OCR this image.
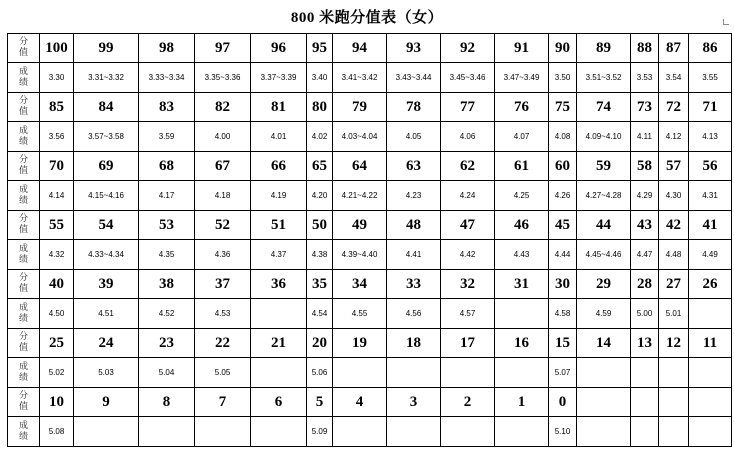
800 米跑分值表（女）
分
值	100	99	98	97	96	95	94	93	92	91	90	89	88	87	86

成
绩	3.30	3.31~3.32	3.33~3.34	3.35~3.36	3.37~3.39	3.40	3.41~3.42	3.43~3.44	3.45~3.46	3.47~3.49	3.50	3.51~3.52	3.53	3.54	3.55

分
值	85	84	83	82	81	80	79	78	77	76	75	74	73	72	71

成
绩	3.56	3.57~3.58	3.59	4.00	4.01	4.02	4.03~4.04	4.05	4.06	4.07	4.08	4.09~4.10	4.11	4.12	4.13

分
值	70	69	68	67	66	65	64	63	62	61	60	59	58	57	56

成
绩	4.14	4.15~4.16	4.17	4.18	4.19	4.20	4.21~4.22	4.23	4.24	4.25	4.26	4.27~4.28	4.29	4.30	4.31

分
值	55	54	53	52	51	50	49	48	47	46	45	44	43	42	41

成
绩	4.32	4.33~4.34	4.35	4.36	4.37	4.38	4.39~4.40	4.41	4.42	4.43	4.44	4.45~4.46	4.47	4.48	4.49

分
值	40	39	38	37	36	35	34	33	32	31	30	29	28	27	26

成
绩	4.50	4.51	4.52	4.53		4.54	4.55	4.56	4.57		4.58	4.59	5.00	5.01	

分
值	25	24	23	22	21	20	19	18	17	16	15	14	13	12	11

成
绩	5.02	5.03	5.04	5.05		5.06					5.07				

分
值	10	9	8	7	6	5	4	3	2	1	0				

成
绩	5.08					5.09					5.10				
